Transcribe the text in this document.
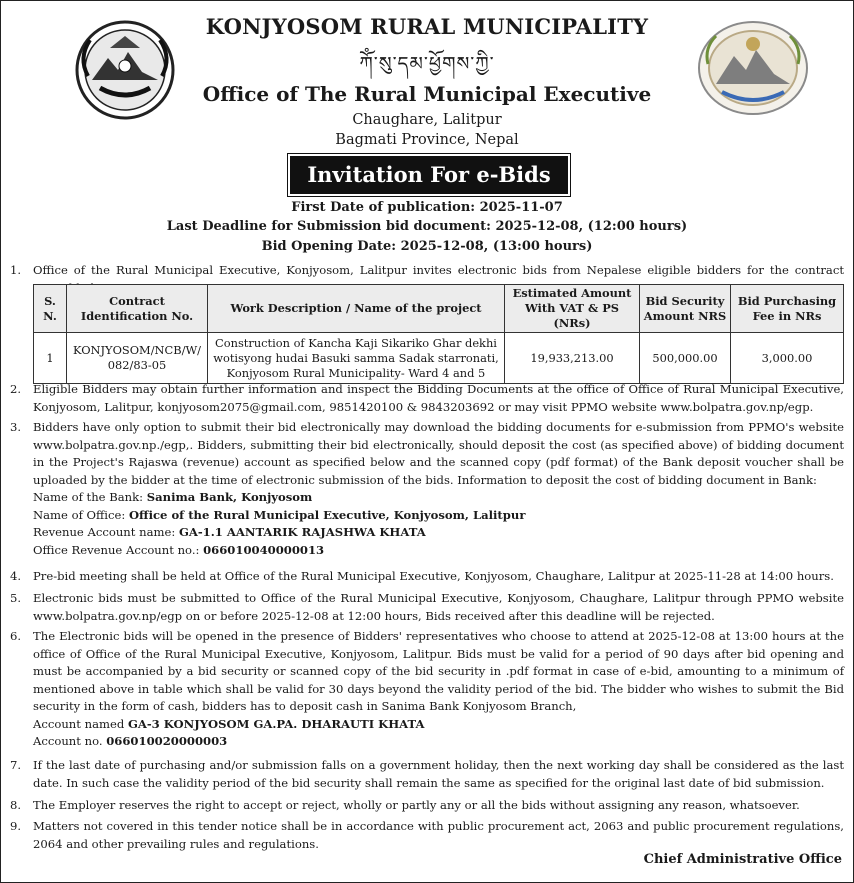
KONJYOSOM RURAL MUNICIPALITY
ཀོཾ་སུ་དམ་ཕྱོགས་ཀྱི་
Office of The Rural Municipal Executive
Chaughare, Lalitpur
Bagmati Province, Nepal
Invitation For e-Bids
First Date of publication: 2025-11-07
Last Deadline for Submission bid document: 2025-12-08, (12:00 hours)
Bid Opening Date: 2025-12-08, (13:00 hours)
1.	Office of the Rural Municipal Executive, Konjyosom, Lalitpur invites electronic bids from Nepalese eligible bidders for the contract
S. N.	Contract Identification No.	Work Description / Name of the project	Estimated Amount With VAT & PS (NRs)	Bid Security Amount NRS	Bid Purchasing Fee in NRs
1	KONJYOSOM/NCB/W/ 082/83-05	Construction of Kancha Kaji Sikariko Ghar dekhi wotisyong hudai Basuki samma Sadak starronati, Konjyosom Rural Municipality- Ward 4 and 5	19,933,213.00	500,000.00	3,000.00
2.	Eligible Bidders may obtain further information and inspect the Bidding Documents at the office of Office of Rural Municipal Executive, Konjyosom, Lalitpur, konjyosom2075@gmail.com, 9851420100 & 9843203692 or may visit PPMO website www.bolpatra.gov.np/egp.
3.	Bidders have only option to submit their bid electronically may download the bidding documents for e-submission from PPMO's website www.bolpatra.gov.np./egp,. Bidders, submitting their bid electronically, should deposit the cost (as specified above) of bidding document in the Project's Rajaswa (revenue) account as specified below and the scanned copy (pdf format) of the Bank deposit voucher shall be uploaded by the bidder at the time of electronic submission of the bids. Information to deposit the cost of bidding document in Bank:
Name of the Bank: Sanima Bank, Konjyosom
Name of Office: Office of the Rural Municipal Executive, Konjyosom, Lalitpur
Revenue Account name: GA-1.1 AANTARIK RAJASHWA KHATA
Office Revenue Account no.: 066010040000013
4.	Pre-bid meeting shall be held at Office of the Rural Municipal Executive, Konjyosom, Chaughare, Lalitpur at 2025-11-28 at 14:00 hours.
5.	Electronic bids must be submitted to Office of the Rural Municipal Executive, Konjyosom, Chaughare, Lalitpur through PPMO website www.bolpatra.gov.np/egp on or before 2025-12-08 at 12:00 hours, Bids received after this deadline will be rejected.
6.	The Electronic bids will be opened in the presence of Bidders' representatives who choose to attend at 2025-12-08 at 13:00 hours at the office of Office of the Rural Municipal Executive, Konjyosom, Lalitpur. Bids must be valid for a period of 90 days after bid opening and must be accompanied by a bid security or scanned copy of the bid security in .pdf format in case of e-bid, amounting to a minimum of mentioned above in table which shall be valid for 30 days beyond the validity period of the bid. The bidder who wishes to submit the Bid security in the form of cash, bidders has to deposit cash in Sanima Bank Konjyosom Branch,
Account named GA-3 KONJYOSOM GA.PA. DHARAUTI KHATA
Account no. 066010020000003
7.	If the last date of purchasing and/or submission falls on a government holiday, then the next working day shall be considered as the last date. In such case the validity period of the bid security shall remain the same as specified for the original last date of bid submission.
8.	The Employer reserves the right to accept or reject, wholly or partly any or all the bids without assigning any reason, whatsoever.
9.	Matters not covered in this tender notice shall be in accordance with public procurement act, 2063 and public procurement regulations, 2064 and other prevailing rules and regulations.
Chief Administrative Office
